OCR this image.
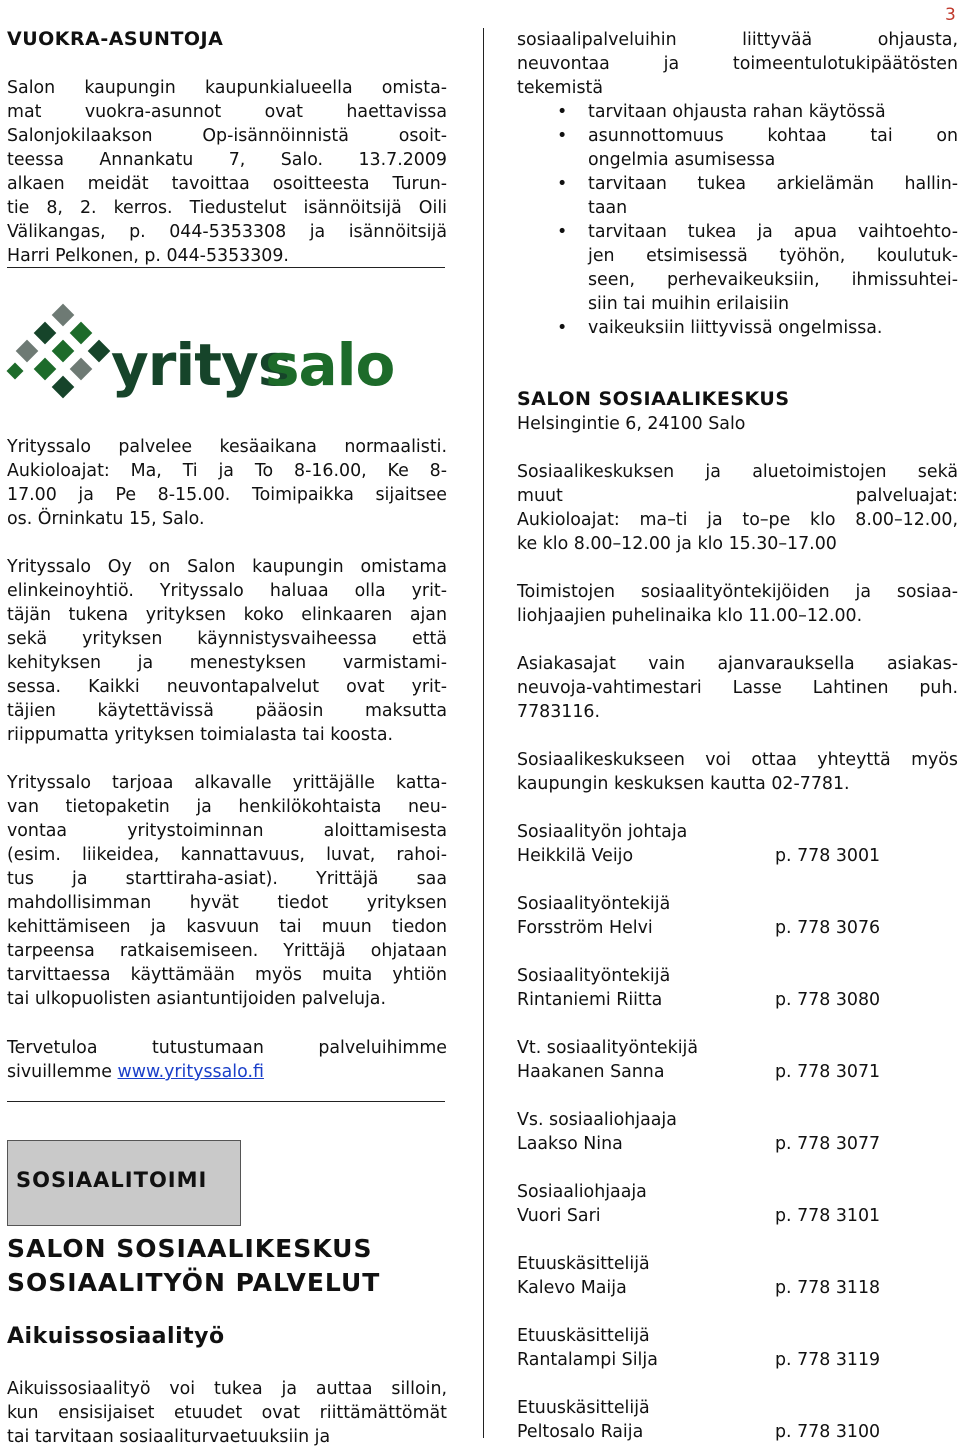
3
VUOKRA-ASUNTOJA
Salon kaupungin kaupunkialueella omista-
mat vuokra-asunnot ovat haettavissa
Salonjokilaakson Op-isännöinnistä osoit-
teessa Annankatu 7, Salo. 13.7.2009
alkaen meidät tavoittaa osoitteesta Turun-
tie 8, 2. kerros. Tiedustelut isännöitsijä Oili
Välikangas, p. 044-5353308 ja isännöitsijä
Harri Pelkonen, p. 044-5353309.
yritys
salo
Yrityssalo palvelee kesäaikana normaalisti.
Aukioloajat: Ma, Ti ja To 8-16.00, Ke 8-
17.00 ja Pe 8-15.00. Toimipaikka sijaitsee
os. Örninkatu 15, Salo.
Yrityssalo Oy on Salon kaupungin omistama
elinkeinoyhtiö. Yrityssalo haluaa olla yrit-
täjän tukena yrityksen koko elinkaaren ajan
sekä yrityksen käynnistysvaiheessa että
kehityksen ja menestyksen varmistami-
sessa. Kaikki neuvontapalvelut ovat yrit-
täjien käytettävissä pääosin maksutta
riippumatta yrityksen toimialasta tai koosta.
Yrityssalo tarjoaa alkavalle yrittäjälle katta-
van tietopaketin ja henkilökohtaista neu-
vontaa yritystoiminnan aloittamisesta
(esim. liikeidea, kannattavuus, luvat, rahoi-
tus ja starttiraha-asiat). Yrittäjä saa
mahdollisimman hyvät tiedot yrityksen
kehittämiseen ja kasvuun tai muun tiedon
tarpeensa ratkaisemiseen. Yrittäjä ohjataan
tarvittaessa käyttämään myös muita yhtiön
tai ulkopuolisten asiantuntijoiden palveluja.
Tervetuloa tutustumaan palveluihimme
sivuillemme www.yrityssalo.fi
SOSIAALITOIMI
SALON SOSIAALIKESKUS
SOSIAALITYÖN PALVELUT
Aikuissosiaalityö
Aikuissosiaalityö voi tukea ja auttaa silloin,
kun ensisijaiset etuudet ovat riittämättömät
tai tarvitaan sosiaaliturvaetuuksiin ja
sosiaalipalveluihin liittyvää ohjausta,
neuvontaa ja toimeentulotukipäätösten
tekemistä
• tarvitaan ohjausta rahan käytössä
• asunnottomuus kohtaa tai on
ongelmia asumisessa
• tarvitaan tukea arkielämän hallin-
taan
• tarvitaan tukea ja apua vaihtoehto-
jen etsimisessä työhön, koulutuk-
seen, perhevaikeuksiin, ihmissuhtei-
siin tai muihin erilaisiin
• vaikeuksiin liittyvissä ongelmissa.
SALON SOSIAALIKESKUS
Helsingintie 6, 24100 Salo
Sosiaalikeskuksen ja aluetoimistojen sekä
muut palveluajat:
Aukioloajat: ma–ti ja to–pe klo 8.00–12.00,
ke klo 8.00–12.00 ja klo 15.30–17.00
Toimistojen sosiaalityöntekijöiden ja sosiaa-
liohjaajien puhelinaika klo 11.00–12.00.
Asiakasajat vain ajanvarauksella asiakas-
neuvoja-vahtimestari Lasse Lahtinen puh.
7783116.
Sosiaalikeskukseen voi ottaa yhteyttä myös
kaupungin keskuksen kautta 02-7781.
Sosiaalityön johtaja
Heikkilä Veijo	p. 778 3001
Sosiaalityöntekijä
Forsström Helvi	p. 778 3076
Sosiaalityöntekijä
Rintaniemi Riitta	p. 778 3080
Vt. sosiaalityöntekijä
Haakanen Sanna	p. 778 3071
Vs. sosiaaliohjaaja
Laakso Nina	p. 778 3077
Sosiaaliohjaaja
Vuori Sari	p. 778 3101
Etuuskäsittelijä
Kalevo Maija	p. 778 3118
Etuuskäsittelijä
Rantalampi Silja	p. 778 3119
Etuuskäsittelijä
Peltosalo Raija	p. 778 3100
